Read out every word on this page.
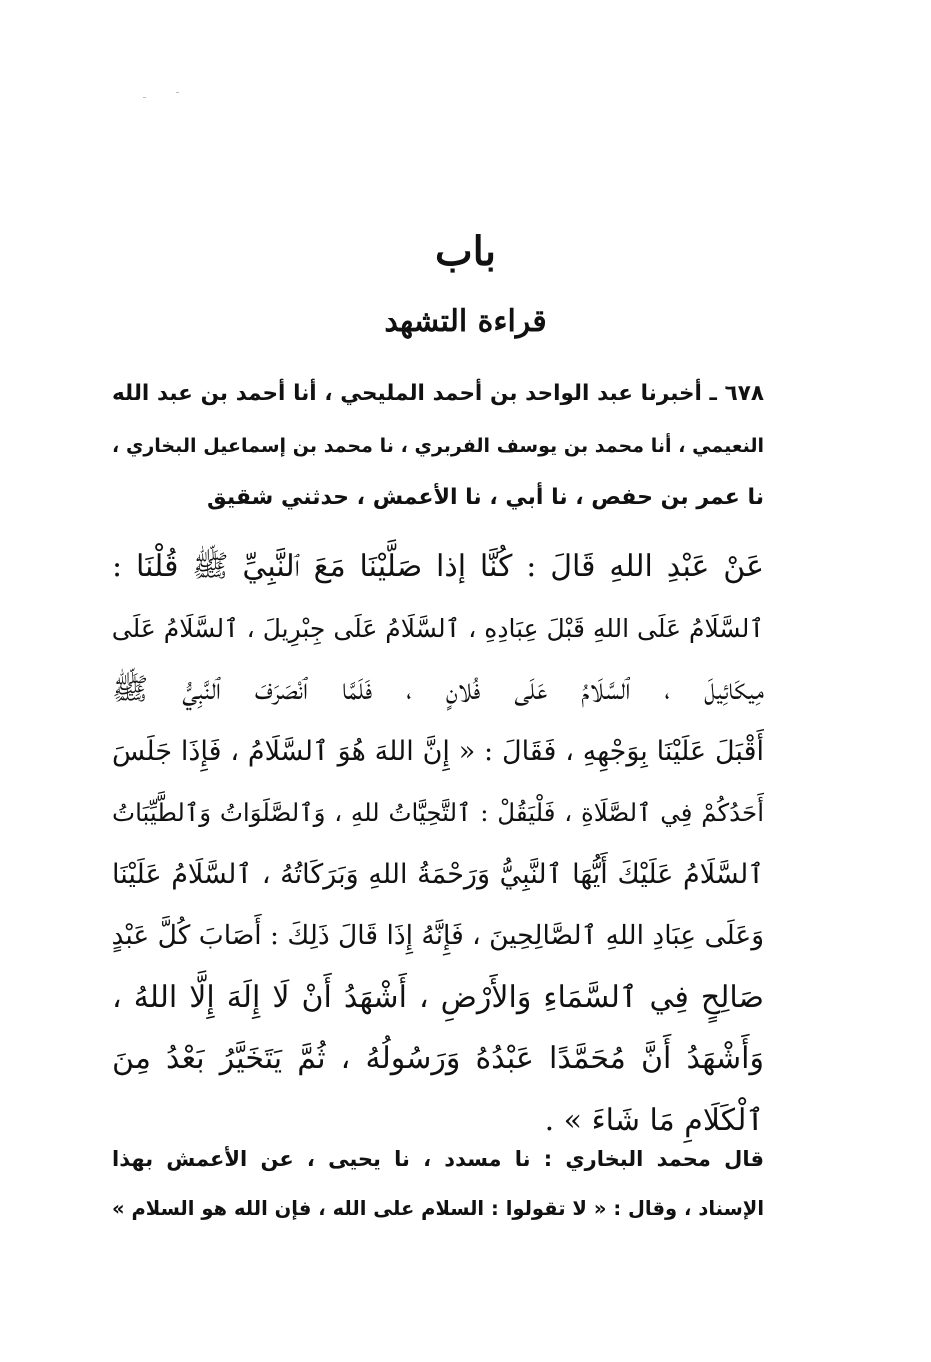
باب
قراءة التشهد
٦٧٨ ـ أخبرنا عبد الواحد بن أحمد المليحي ، أنا أحمد بن عبد الله
النعيمي ، أنا محمد بن يوسف الفربري ، نا محمد بن إسماعيل البخاري ،
نا عمر بن حفص ، نا أبي ، نا الأعمش ، حدثني شقيق
عَنْ عَبْدِ اللهِ قَالَ : كُنَّا إذا صَلَّيْنَا مَعَ ٱلنَّبِيِّ ﷺ قُلْنَا :
ٱلسَّلَامُ عَلَى اللهِ قَبْلَ عِبَادِهِ ، ٱلسَّلَامُ عَلَى جِبْرِيلَ ، ٱلسَّلَامُ عَلَى
مِيكَائِيلَ ، ٱلسَّلَامُ عَلَى فُلانٍ ، فَلَمَّا ٱنْصَرَفَ ٱلنَّبِيُّ ﷺ
أَقْبَلَ عَلَيْنَا بِوَجْهِهِ ، فَقَالَ : « إِنَّ اللهَ هُوَ ٱلسَّلَامُ ، فَإِذَا جَلَسَ
أَحَدُكُمْ فِي ٱلصَّلَاةِ ، فَلْيَقُلْ : ٱلتَّحِيَّاتُ للهِ ، وَٱلصَّلَوَاتُ وَٱلطَّيِّبَاتُ
ٱلسَّلَامُ عَلَيْكَ أَيُّهَا ٱلنَّبِيُّ وَرَحْمَةُ اللهِ وَبَرَكَاتُهُ ، ٱلسَّلَامُ عَلَيْنَا
وَعَلَى عِبَادِ اللهِ ٱلصَّالِحِينَ ، فَإِنَّهُ إِذَا قَالَ ذَلِكَ : أَصَابَ كُلَّ عَبْدٍ
صَالِحٍ فِي ٱلسَّمَاءِ وَالأَرْضِ ، أَشْهَدُ أَنْ لَا إِلَهَ إِلَّا اللهُ ،
وَأَشْهَدُ أَنَّ مُحَمَّدًا عَبْدُهُ وَرَسُولُهُ ، ثُمَّ يَتَخَيَّرُ بَعْدُ مِنَ
ٱلْكَلَامِ مَا شَاءَ » .
قال محمد البخاري : نا مسدد ، نا يحيى ، عن الأعمش بهذا
الإسناد ، وقال : « لا تقولوا : السلام على الله ، فإن الله هو السلام »
